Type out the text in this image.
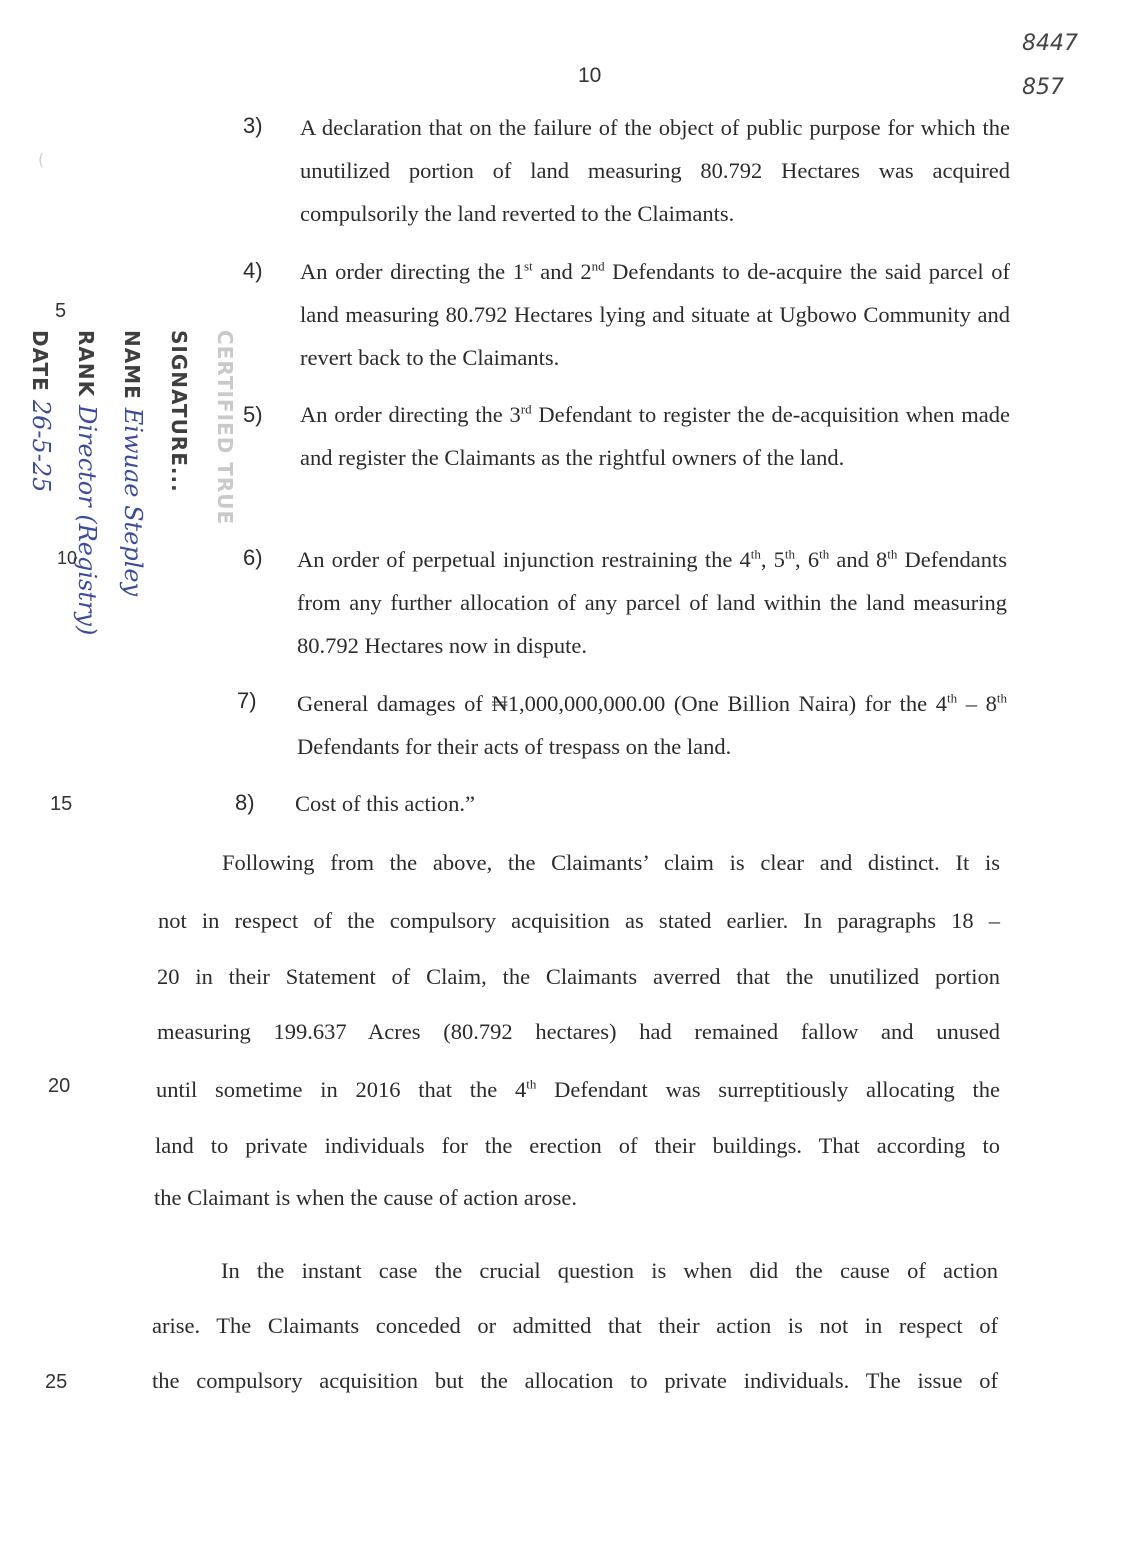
10
8447
857
(
5
15
20
25
CERTIFIED TRUE
SIGNATURE...
NAME Eiwuae Stepley
RANK Director (Registry)
DATE 26-5-25
10
3) A declaration that on the failure of the object of public purpose for which the unutilized portion of land measuring 80.792 Hectares was acquired compulsorily the land reverted to the Claimants.
4) An order directing the 1st and 2nd Defendants to de-acquire the said parcel of land measuring 80.792 Hectares lying and situate at Ugbowo Community and revert back to the Claimants.
5) An order directing the 3rd Defendant to register the de-acquisition when made and register the Claimants as the rightful owners of the land.
6) An order of perpetual injunction restraining the 4th, 5th, 6th and 8th Defendants from any further allocation of any parcel of land within the land measuring 80.792 Hectares now in dispute.
7) General damages of ₦1,000,000,000.00 (One Billion Naira) for the 4th – 8th Defendants for their acts of trespass on the land.
8) Cost of this action.”
Following from the above, the Claimants’ claim is clear and distinct. It is
not in respect of the compulsory acquisition as stated earlier. In paragraphs 18 –
20 in their Statement of Claim, the Claimants averred that the unutilized portion
measuring 199.637 Acres (80.792 hectares) had remained fallow and unused
until sometime in 2016 that the 4th Defendant was surreptitiously allocating the
land to private individuals for the erection of their buildings. That according to
the Claimant is when the cause of action arose.
In the instant case the crucial question is when did the cause of action
arise. The Claimants conceded or admitted that their action is not in respect of
the compulsory acquisition but the allocation to private individuals. The issue of
